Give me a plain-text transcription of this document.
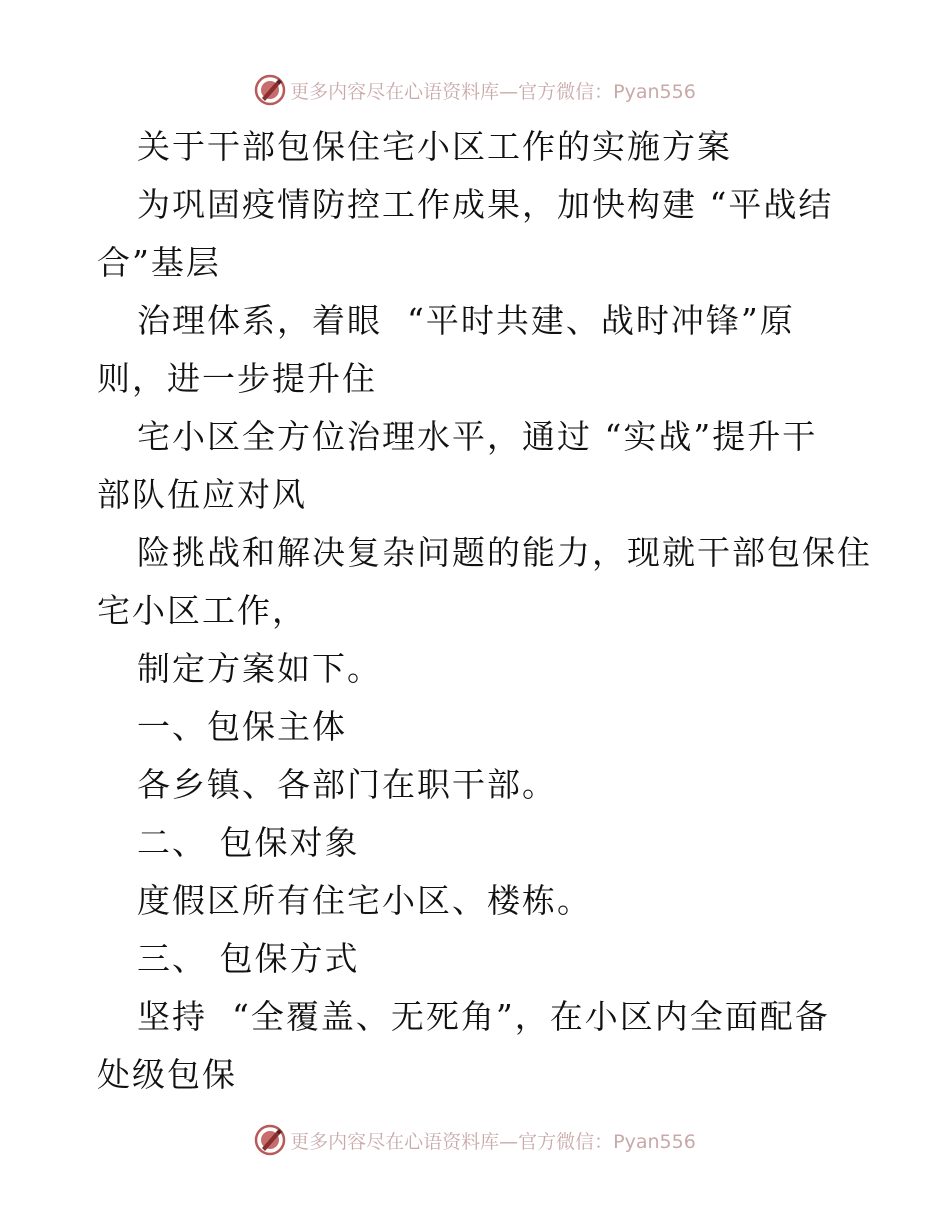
更多内容尽在心语资料库—官方微信：Pyan556
关于干部包保住宅小区工作的实施方案
为巩固疫情防控工作成果，加快构建 “平战结
合”基层
治理体系，着眼  “平时共建、战时冲锋”原
则，进一步提升住
宅小区全方位治理水平，通过 “实战”提升干
部队伍应对风
险挑战和解决复杂问题的能力，现就干部包保住
宅小区工作，
制定方案如下。
一、包保主体
各乡镇、各部门在职干部。
二、 包保对象
度假区所有住宅小区、楼栋。
三、 包保方式
坚持  “全覆盖、无死角”，在小区内全面配备
处级包保
更多内容尽在心语资料库—官方微信：Pyan556
